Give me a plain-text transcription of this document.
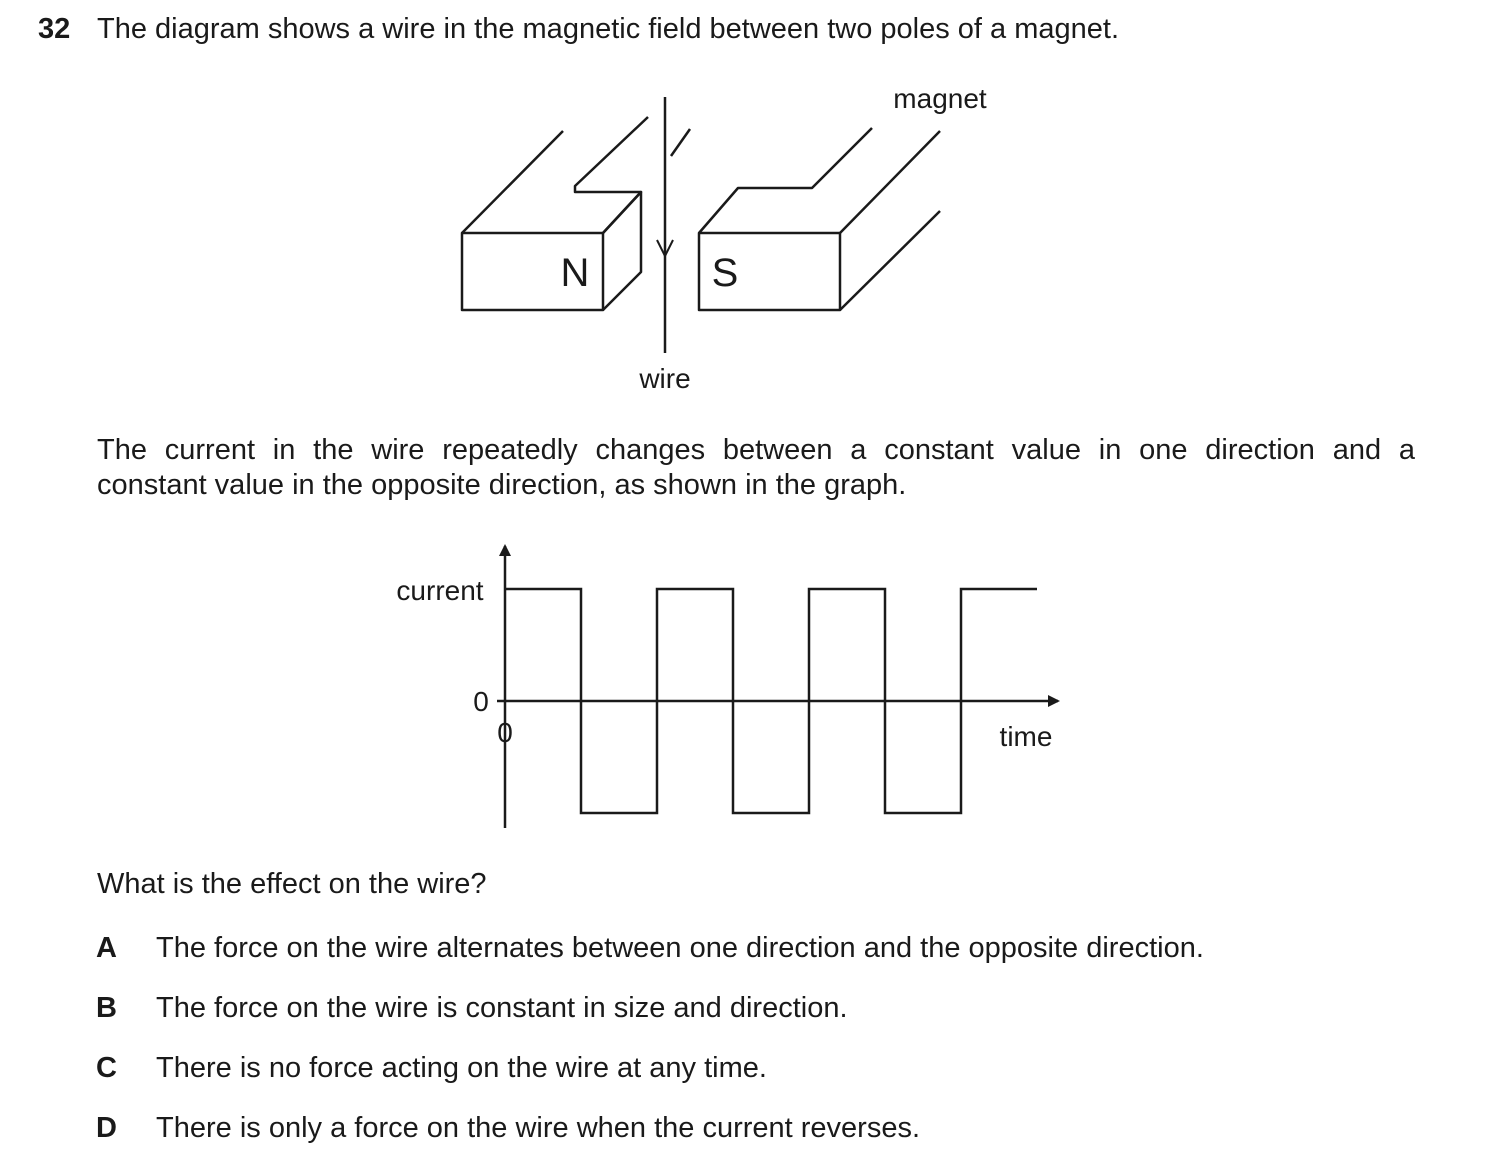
32 The diagram shows a wire in the magnetic field between two poles of a magnet.
N	S
magnet
wire
current
time
0
0
The current in the wire repeatedly changes between a constant value in one direction and a
constant value in the opposite direction, as shown in the graph.
What is the effect on the wire?
A The force on the wire alternates between one direction and the opposite direction.
B The force on the wire is constant in size and direction.
C There is no force acting on the wire at any time.
D There is only a force on the wire when the current reverses.
